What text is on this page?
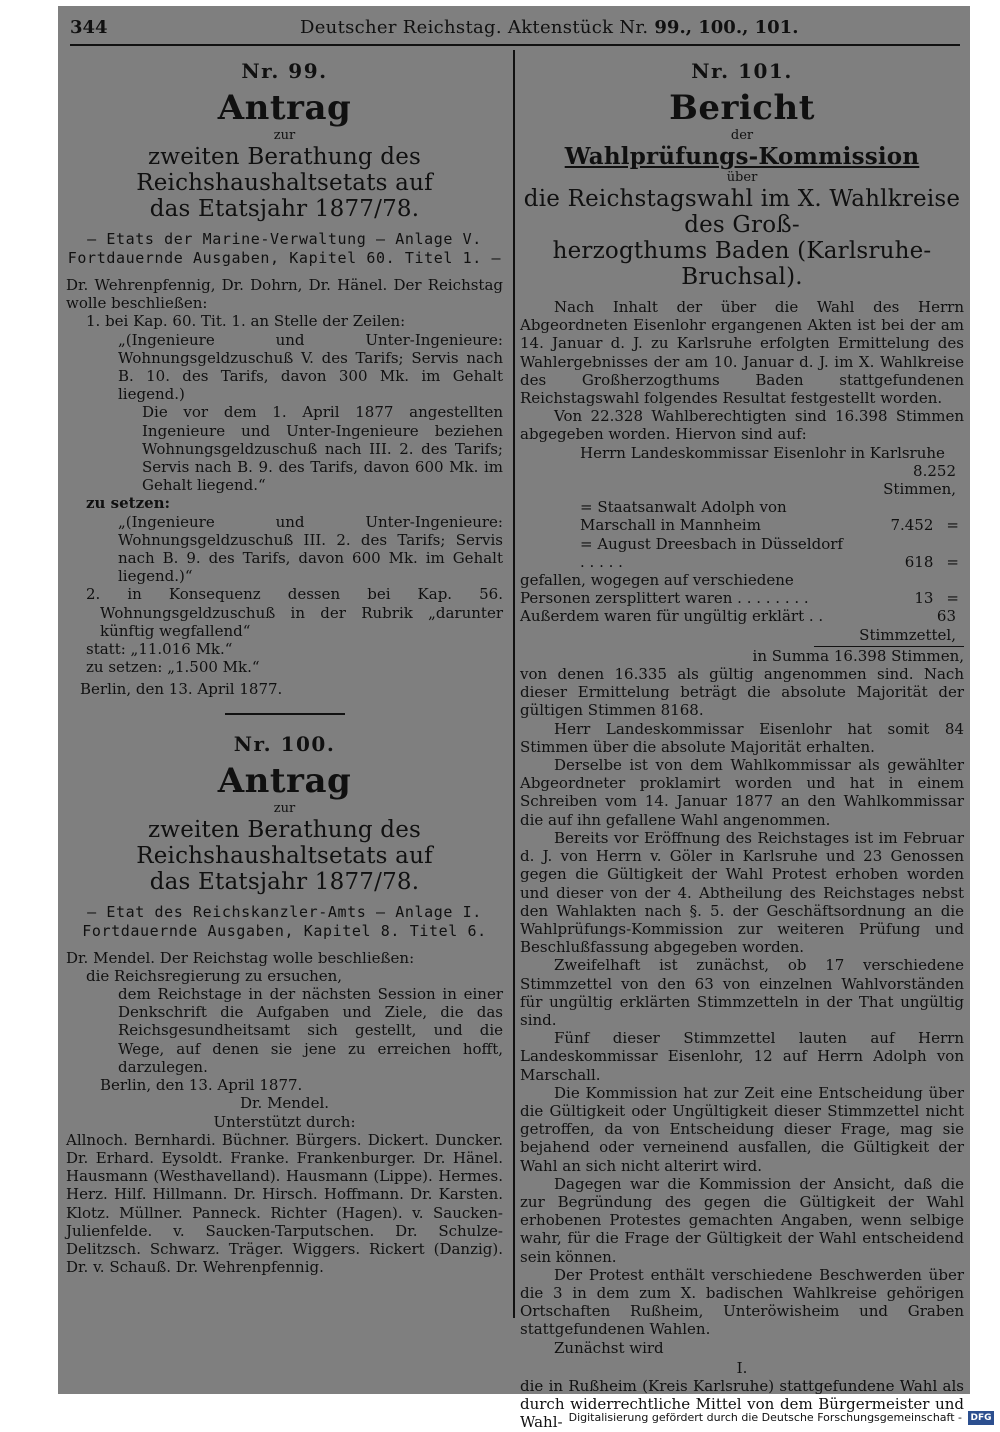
344	Deutscher Reichstag. Aktenstück Nr. 99., 100., 101.
Nr. 99.
Antrag
zur
zweiten Berathung des Reichshaushaltsetats auf
das Etatsjahr 1877/78.
— Etats der Marine-Verwaltung — Anlage V.
Fortdauernde Ausgaben, Kapitel 60. Titel 1. —

Dr. Wehrenpfennig, Dr. Dohrn, Dr. Hänel. Der Reichstag wolle beschließen:

1. bei Kap. 60. Tit. 1. an Stelle der Zeilen:

„(Ingenieure und Unter-Ingenieure: Wohnungsgeldzuschuß V. des Tarifs; Servis nach B. 10. des Tarifs, davon 300 Mk. im Gehalt liegend.)

Die vor dem 1. April 1877 angestellten Ingenieure und Unter-Ingenieure beziehen Wohnungsgeldzuschuß nach III. 2. des Tarifs; Servis nach B. 9. des Tarifs, davon 600 Mk. im Gehalt liegend.“

zu setzen:

„(Ingenieure und Unter-Ingenieure: Wohnungsgeldzuschuß III. 2. des Tarifs; Servis nach B. 9. des Tarifs, davon 600 Mk. im Gehalt liegend.)“

2. in Konsequenz dessen bei Kap. 56. Wohnungsgeldzuschuß in der Rubrik „darunter künftig wegfallend“

statt: „11.016 Mk.“

zu setzen: „1.500 Mk.“

Berlin, den 13. April 1877.

Nr. 100.
Antrag
zur
zweiten Berathung des Reichshaushaltsetats auf
das Etatsjahr 1877/78.
— Etat des Reichskanzler-Amts — Anlage I.
Fortdauernde Ausgaben, Kapitel 8. Titel 6.

Dr. Mendel. Der Reichstag wolle beschließen:

die Reichsregierung zu ersuchen,

dem Reichstage in der nächsten Session in einer Denkschrift die Aufgaben und Ziele, die das Reichsgesundheitsamt sich gestellt, und die Wege, auf denen sie jene zu erreichen hofft, darzulegen.

Berlin, den 13. April 1877.

Dr. Mendel.

Unterstützt durch:

Allnoch. Bernhardi. Büchner. Bürgers. Dickert. Duncker. Dr. Erhard. Eysoldt. Franke. Frankenburger. Dr. Hänel. Hausmann (Westhavelland). Hausmann (Lippe). Hermes. Herz. Hilf. Hillmann. Dr. Hirsch. Hoffmann. Dr. Karsten. Klotz. Müllner. Panneck. Richter (Hagen). v. Saucken-Julienfelde. v. Saucken-Tarputschen. Dr. Schulze-Delitzsch. Schwarz. Träger. Wiggers. Rickert (Danzig). Dr. v. Schauß. Dr. Wehrenpfennig.

Nr. 101.
Bericht
der
Wahlprüfungs-Kommission
über
die Reichstagswahl im X. Wahlkreise des Groß-
herzogthums Baden (Karlsruhe-Bruchsal).

Nach Inhalt der über die Wahl des Herrn Abgeordneten Eisenlohr ergangenen Akten ist bei der am 14. Januar d. J. zu Karlsruhe erfolgten Ermittelung des Wahlergebnisses der am 10. Januar d. J. im X. Wahlkreise des Großherzogthums Baden stattgefundenen Reichstagswahl folgendes Resultat festgestellt worden.

Von 22.328 Wahlberechtigten sind 16.398 Stimmen abgegeben worden. Hiervon sind auf:

Herrn Landeskommissar Eisenlohr in Karlsruhe		
	8.252 Stimmen,	
= Staatsanwalt Adolph von Marschall in Mannheim	7.452	=
= August Dreesbach in Düsseldorf . . . . .	618	=
gefallen, wogegen auf verschiedene Personen zersplittert waren . . . . . . . .	13	=
Außerdem waren für ungültig erklärt . .	63 Stimmzettel,	
in Summa 16.398 Stimmen,

von denen 16.335 als gültig angenommen sind. Nach dieser Ermittelung beträgt die absolute Majorität der gültigen Stimmen 8168.

Herr Landeskommissar Eisenlohr hat somit 84 Stimmen über die absolute Majorität erhalten.

Derselbe ist von dem Wahlkommissar als gewählter Abgeordneter proklamirt worden und hat in einem Schreiben vom 14. Januar 1877 an den Wahlkommissar die auf ihn gefallene Wahl angenommen.

Bereits vor Eröffnung des Reichstages ist im Februar d. J. von Herrn v. Göler in Karlsruhe und 23 Genossen gegen die Gültigkeit der Wahl Protest erhoben worden und dieser von der 4. Abtheilung des Reichstages nebst den Wahlakten nach §. 5. der Geschäftsordnung an die Wahlprüfungs-Kommission zur weiteren Prüfung und Beschlußfassung abgegeben worden.

Zweifelhaft ist zunächst, ob 17 verschiedene Stimmzettel von den 63 von einzelnen Wahlvorständen für ungültig erklärten Stimmzetteln in der That ungültig sind.

Fünf dieser Stimmzettel lauten auf Herrn Landeskommissar Eisenlohr, 12 auf Herrn Adolph von Marschall.

Die Kommission hat zur Zeit eine Entscheidung über die Gültigkeit oder Ungültigkeit dieser Stimmzettel nicht getroffen, da von Entscheidung dieser Frage, mag sie bejahend oder verneinend ausfallen, die Gültigkeit der Wahl an sich nicht alterirt wird.

Dagegen war die Kommission der Ansicht, daß die zur Begründung des gegen die Gültigkeit der Wahl erhobenen Protestes gemachten Angaben, wenn selbige wahr, für die Frage der Gültigkeit der Wahl entscheidend sein können.

Der Protest enthält verschiedene Beschwerden über die 3 in dem zum X. badischen Wahlkreise gehörigen Ortschaften Rußheim, Unteröwisheim und Graben stattgefundenen Wahlen.

Zunächst wird

I.

die in Rußheim (Kreis Karlsruhe) stattgefundene Wahl als durch widerrechtliche Mittel von dem Bürgermeister und Wahl- Digitalisierung gefördert durch die Deutsche Forschungsgemeinschaft - DFG
